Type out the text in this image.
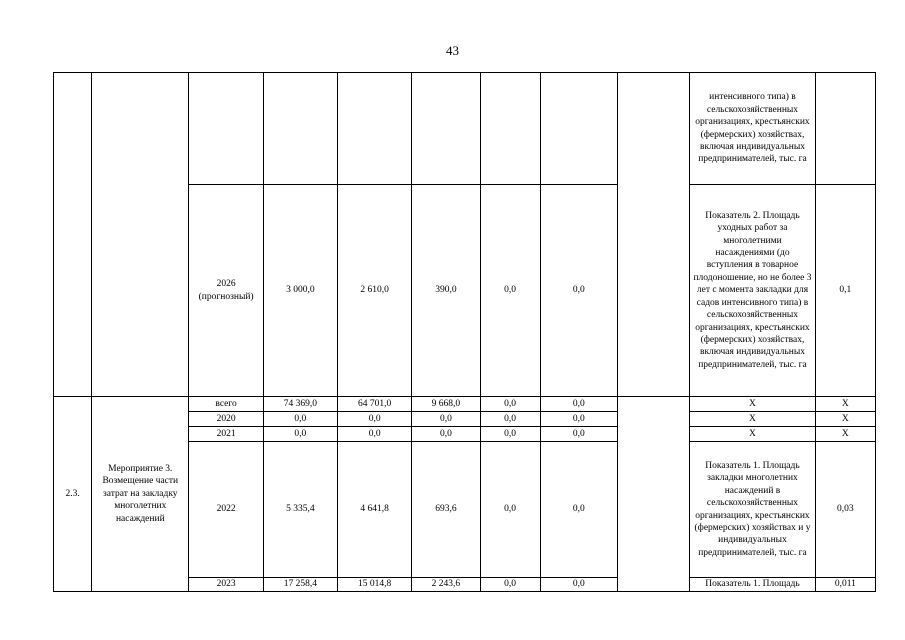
43
									интенсивного типа) в сельскохозяйственных организациях, крестьянских (фермерских) хозяйствах, включая индивидуальных предпринимателей, тыс. га	
		2026 (прогнозный)	3 000,0	2 610,0	390,0	0,0	0,0		Показатель 2. Площадь уходных работ за многолетними насаждениями (до вступления в товарное плодоношение, но не более 3 лет с момента закладки для садов интенсивного типа) в сельскохозяйственных организациях, крестьянских (фермерских) хозяйствах, включая индивидуальных предпринимателей, тыс. га	0,1
2.3.	Мероприятие 3. Возмещение части затрат на закладку многолетних насаждений	всего	74 369,0	64 701,0	9 668,0	0,0	0,0		Х	Х
		2020	0,0	0,0	0,0	0,0	0,0		Х	Х
		2021	0,0	0,0	0,0	0,0	0,0		Х	Х
		2022	5 335,4	4 641,8	693,6	0,0	0,0		Показатель 1. Площадь закладки многолетних насаждений в сельскохозяйственных организациях, крестьянских (фермерских) хозяйствах и у индивидуальных предпринимателей, тыс. га	0,03
		2023	17 258,4	15 014,8	2 243,6	0,0	0,0		Показатель 1. Площадь	0,011
